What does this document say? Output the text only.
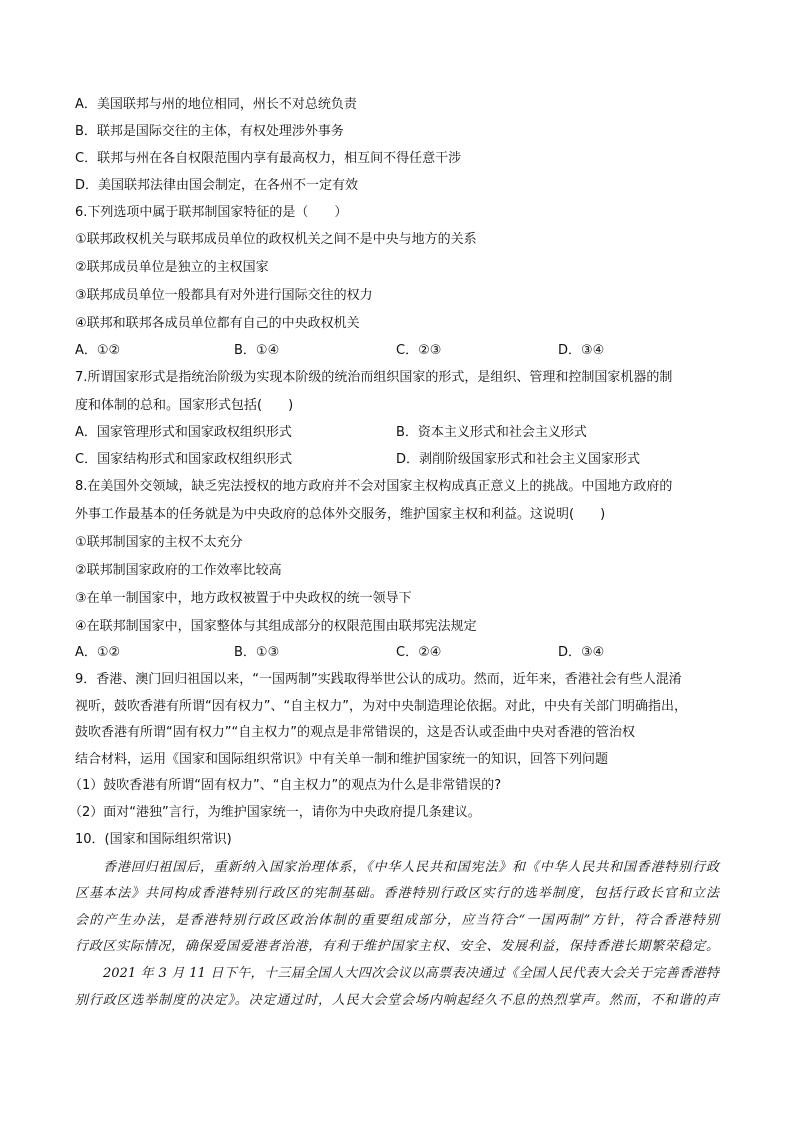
A．美国联邦与州的地位相同，州长不对总统负责
B．联邦是国际交往的主体，有权处理涉外事务
C．联邦与州在各自权限范围内享有最高权力，相互间不得任意干涉
D．美国联邦法律由国会制定，在各州不一定有效
6.下列选项中属于联邦制国家特征的是（　　）
①联邦政权机关与联邦成员单位的政权机关之间不是中央与地方的关系
②联邦成员单位是独立的主权国家
③联邦成员单位一般都具有对外进行国际交往的权力
④联邦和联邦各成员单位都有自己的中央政权机关
A．①②	B．①④	C．②③	D．③④
7.所谓国家形式是指统治阶级为实现本阶级的统治而组织国家的形式，是组织、管理和控制国家机器的制
度和体制的总和。国家形式包括(　　)
A．国家管理形式和国家政权组织形式	B．资本主义形式和社会主义形式
C．国家结构形式和国家政权组织形式	D．剥削阶级国家形式和社会主义国家形式
8.在美国外交领域，缺乏宪法授权的地方政府并不会对国家主权构成真正意义上的挑战。中国地方政府的
外事工作最基本的任务就是为中央政府的总体外交服务，维护国家主权和利益。这说明(　　)
①联邦制国家的主权不太充分
②联邦制国家政府的工作效率比较高
③在单一制国家中，地方政权被置于中央政权的统一领导下
④在联邦制国家中，国家整体与其组成部分的权限范围由联邦宪法规定
A．①②	B．①③	C．②④	D．③④
9．香港、澳门回归祖国以来，“一国两制”实践取得举世公认的成功。然而，近年来，香港社会有些人混淆
视听，鼓吹香港有所谓“因有权力”、“自主权力”，为对中央制造理论依据。对此，中央有关部门明确指出，
鼓吹香港有所谓“固有权力”“自主权力”的观点是非常错误的，这是否认或歪曲中央对香港的管治权
结合材料，运用《国家和国际组织常识》中有关单一制和维护国家统一的知识，回答下列问题
（1）鼓吹香港有所谓“固有权力”、“自主权力”的观点为什么是非常错误的?
（2）面对“港独”言行，为维护国家统一，请你为中央政府提几条建议。
10．(国家和国际组织常识)
香港回归祖国后，重新纳入国家治理体系，《中华人民共和国宪法》和《中华人民共和国香港特别行政
区基本法》共同构成香港特别行政区的宪制基础。香港特别行政区实行的选举制度，包括行政长官和立法
会的产生办法，是香港特别行政区政治体制的重要组成部分，应当符合“一国两制”方针，符合香港特别
行政区实际情况，确保爱国爱港者治港，有利于维护国家主权、安全、发展利益，保持香港长期繁荣稳定。
2021 年 3 月 11 日下午，十三届全国人大四次会议以高票表决通过《全国人民代表大会关于完善香港特
别行政区选举制度的决定》。决定通过时，人民大会堂会场内响起经久不息的热烈掌声。然而，不和谐的声
